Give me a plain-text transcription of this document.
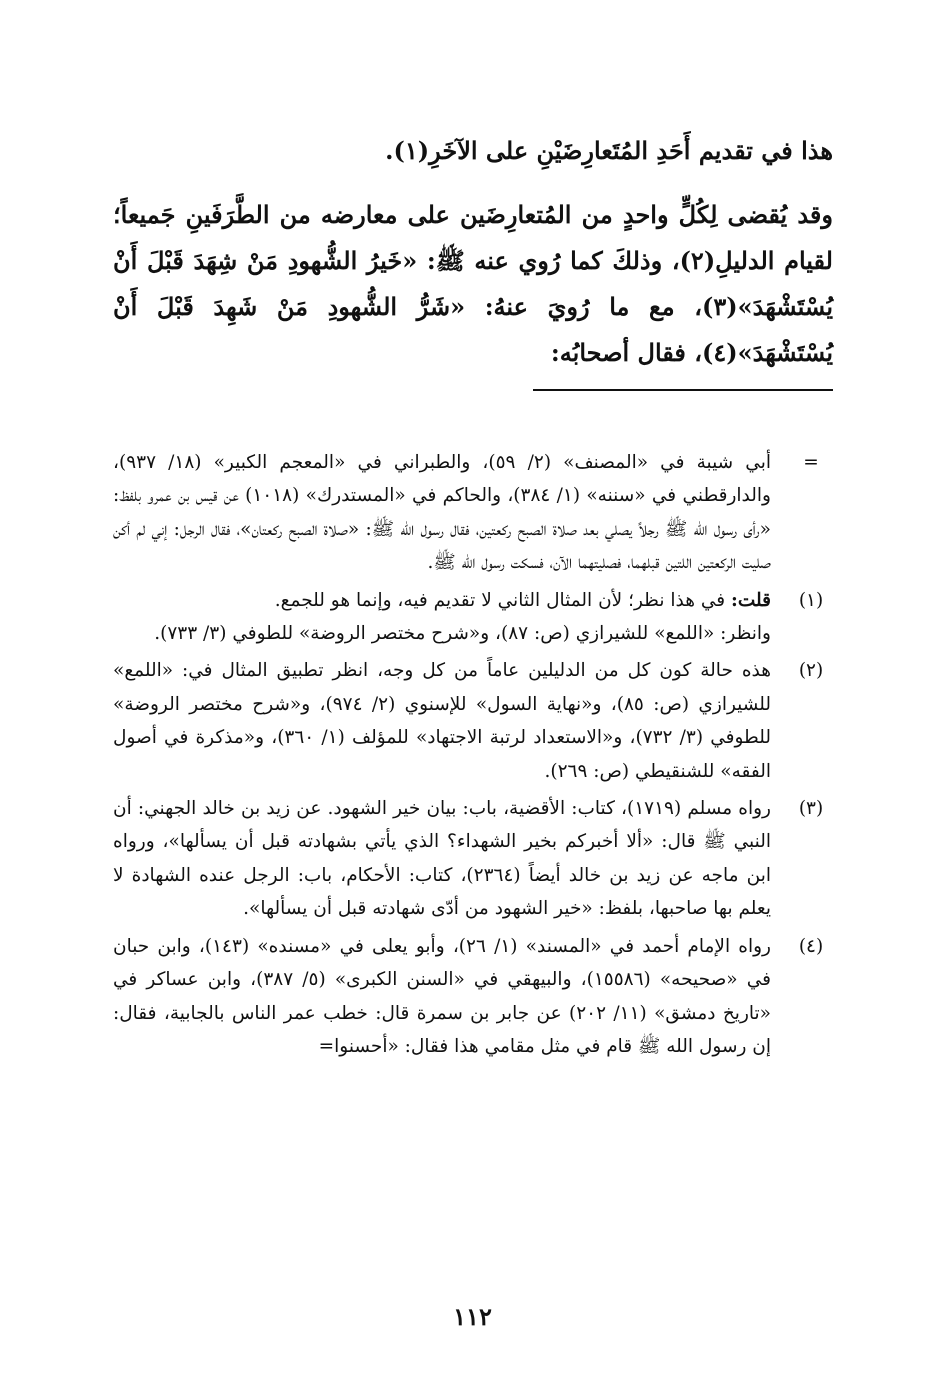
هذا في تقديم أَحَدِ المُتَعارِضَيْنِ على الآخَرِ(١).

وقد يُقضى لِكُلٍّ واحدٍ من المُتعارِضَين على معارضه من الطَّرَفَينِ جَميعاً؛ لقيام الدليلِ(٢)، وذلكَ كما رُوي عنه ﷺ: «خَيرُ الشُّهودِ مَنْ شِهَدَ قَبْلَ أَنْ يُسْتَشْهَدَ»(٣)، مع ما رُويَ عنهُ: «شَرُّ الشُّهودِ مَنْ شَهِدَ قَبْلَ أَنْ يُسْتَشْهَدَ»(٤)، فقال أصحابُه:

=
أبي شيبة في «المصنف» (٢/ ٥٩)، والطبراني في «المعجم الكبير» (١٨/ ٩٣٧)، والدارقطني في «سننه» (١/ ٣٨٤)، والحاكم في «المستدرك» (١٠١٨) عن قيس بن عمرو بلفظ: «رأى رسول الله ﷺ رجلاً يصلي بعد صلاة الصبح ركعتين، فقال رسول الله ﷺ: «صلاة الصبح ركعتان»، فقال الرجل: إني لم أكن صليت الركعتين اللتين قبلهما، فصليتهما الآن، فسكت رسول الله ﷺ.
(١)
قلت: في هذا نظر؛ لأن المثال الثاني لا تقديم فيه، وإنما هو للجمع.
وانظر: «اللمع» للشيرازي (ص: ٨٧)، و«شرح مختصر الروضة» للطوفي (٣/ ٧٣٣).
(٢)
هذه حالة كون كل من الدليلين عاماً من كل وجه، انظر تطبيق المثال في: «اللمع» للشيرازي (ص: ٨٥)، و«نهاية السول» للإسنوي (٢/ ٩٧٤)، و«شرح مختصر الروضة» للطوفي (٣/ ٧٣٢)، و«الاستعداد لرتبة الاجتهاد» للمؤلف (١/ ٣٦٠)، و«مذكرة في أصول الفقه» للشنقيطي (ص: ٢٦٩).
(٣)
رواه مسلم (١٧١٩)، كتاب: الأقضية، باب: بيان خير الشهود. عن زيد بن خالد الجهني: أن النبي ﷺ قال: «ألا أخبركم بخير الشهداء؟ الذي يأتي بشهادته قبل أن يسألها»، ورواه ابن ماجه عن زيد بن خالد أيضاً (٢٣٦٤)، كتاب: الأحكام، باب: الرجل عنده الشهادة لا يعلم بها صاحبها، بلفظ: «خير الشهود من أدّى شهادته قبل أن يسألها».
(٤)
رواه الإمام أحمد في «المسند» (١/ ٢٦)، وأبو يعلى في «مسنده» (١٤٣)، وابن حبان في «صحيحه» (١٥٥٨٦)، والبيهقي في «السنن الكبرى» (٥/ ٣٨٧)، وابن عساكر في «تاريخ دمشق» (١١/ ٢٠٢) عن جابر بن سمرة قال: خطب عمر الناس بالجابية، فقال: إن رسول الله ﷺ قام في مثل مقامي هذا فقال: «أحسنوا=
١١٢
